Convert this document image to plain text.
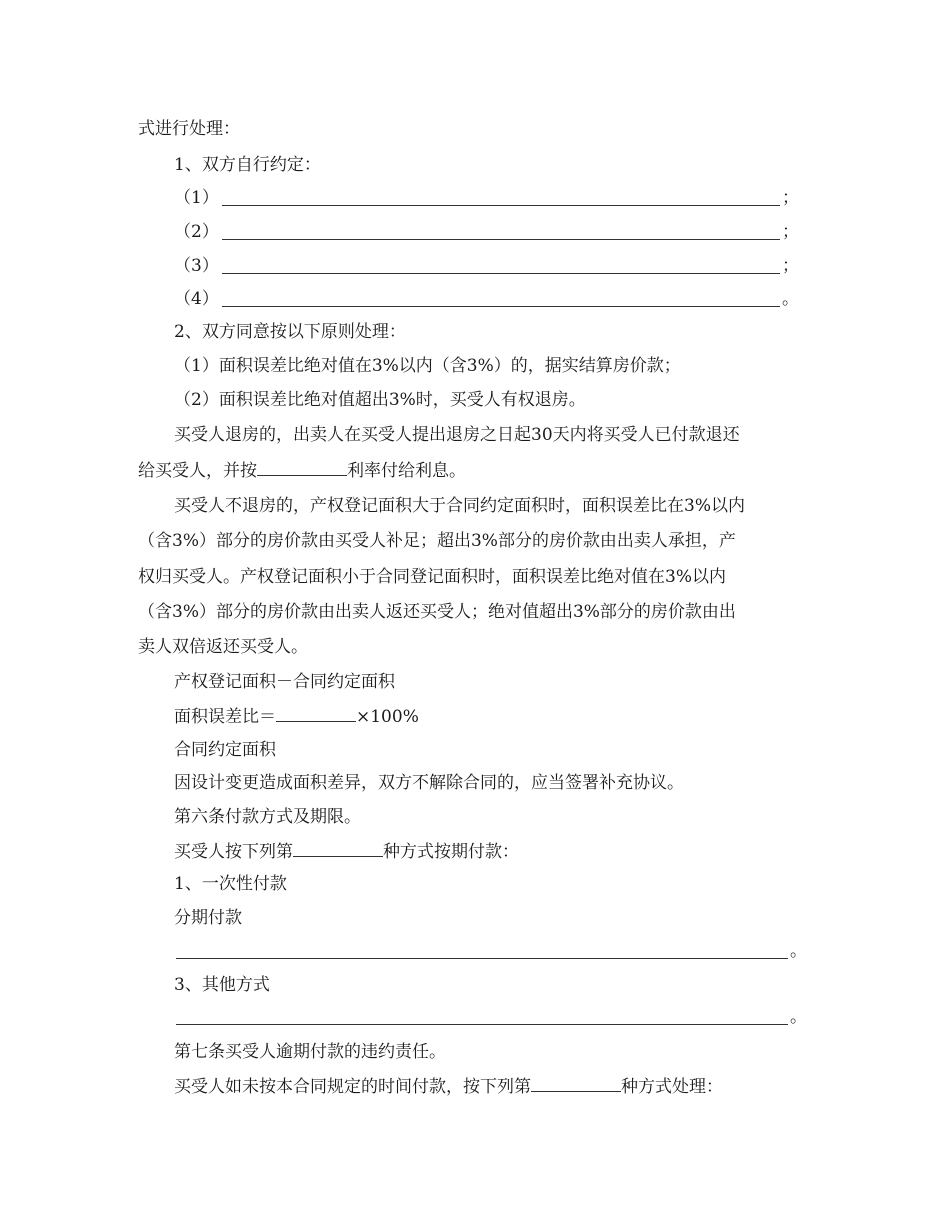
式进行处理：
1、双方自行约定：
（1）	；
（2）	；
（3）	；
（4）	。
2、双方同意按以下原则处理：
（1）面积误差比绝对值在3%以内（含3%）的，据实结算房价款；
（2）面积误差比绝对值超出3%时，买受人有权退房。
买受人退房的，出卖人在买受人提出退房之日起30天内将买受人已付款退还
给买受人，并按	利率付给利息。
买受人不退房的，产权登记面积大于合同约定面积时，面积误差比在3%以内
（含3%）部分的房价款由买受人补足；超出3%部分的房价款由出卖人承担，产
权归买受人。产权登记面积小于合同登记面积时，面积误差比绝对值在3%以内
（含3%）部分的房价款由出卖人返还买受人；绝对值超出3%部分的房价款由出
卖人双倍返还买受人。
产权登记面积－合同约定面积
面积误差比＝	×100%
合同约定面积
因设计变更造成面积差异，双方不解除合同的，应当签署补充协议。
第六条付款方式及期限。
买受人按下列第	种方式按期付款：
1、一次性付款
分期付款
。
3、其他方式
。
第七条买受人逾期付款的违约责任。
买受人如未按本合同规定的时间付款，按下列第	种方式处理：
